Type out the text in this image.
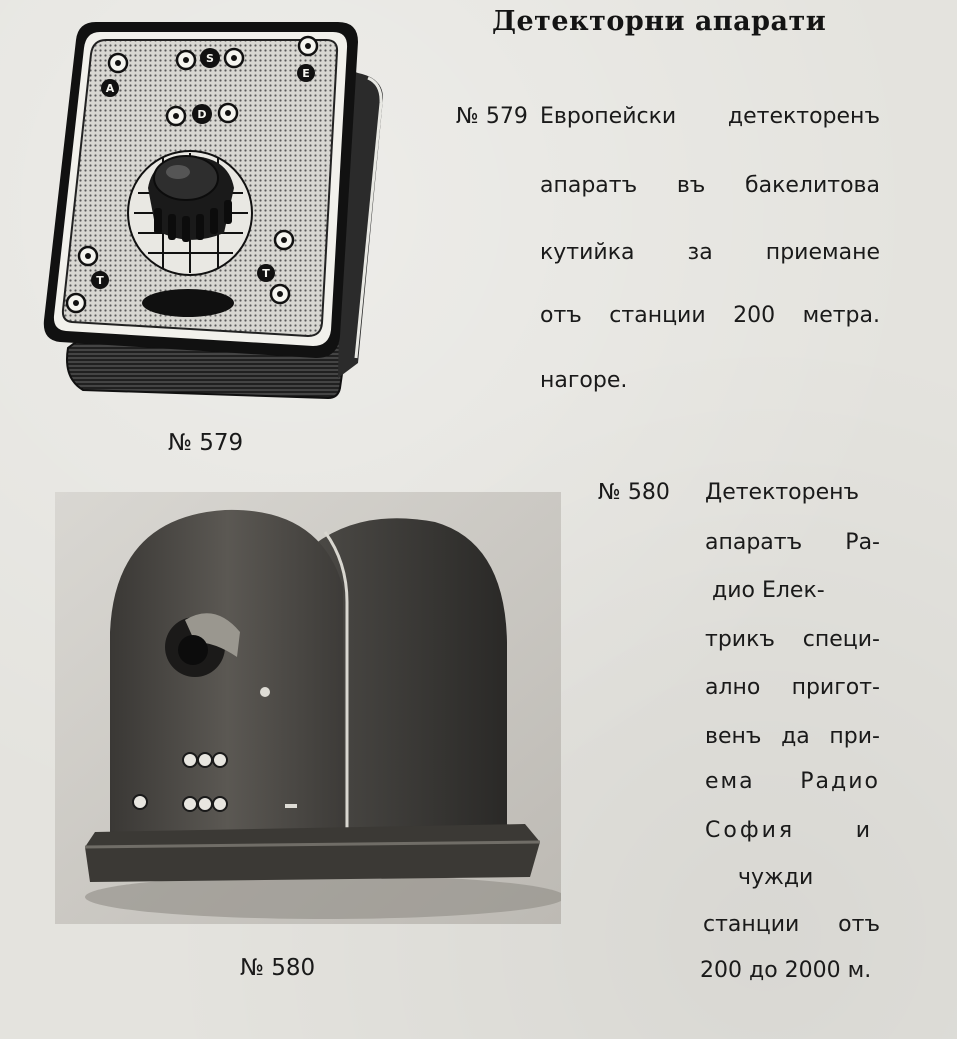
Детекторни апарати
A
S
E
D
T
T
№ 579 Европейски детекторенъ
апаратъ въ бакелитова
кутийка за приемане
отъ станции 200 метра.
нагоре.
№ 579
№ 580
№ 580 Детекторенъ
апаратъ Ра-
дио Елек-
трикъ специ-
ално пригот-
венъ да при-
ема Радио
София и
чужди
станции отъ
200 до 2000 м.
